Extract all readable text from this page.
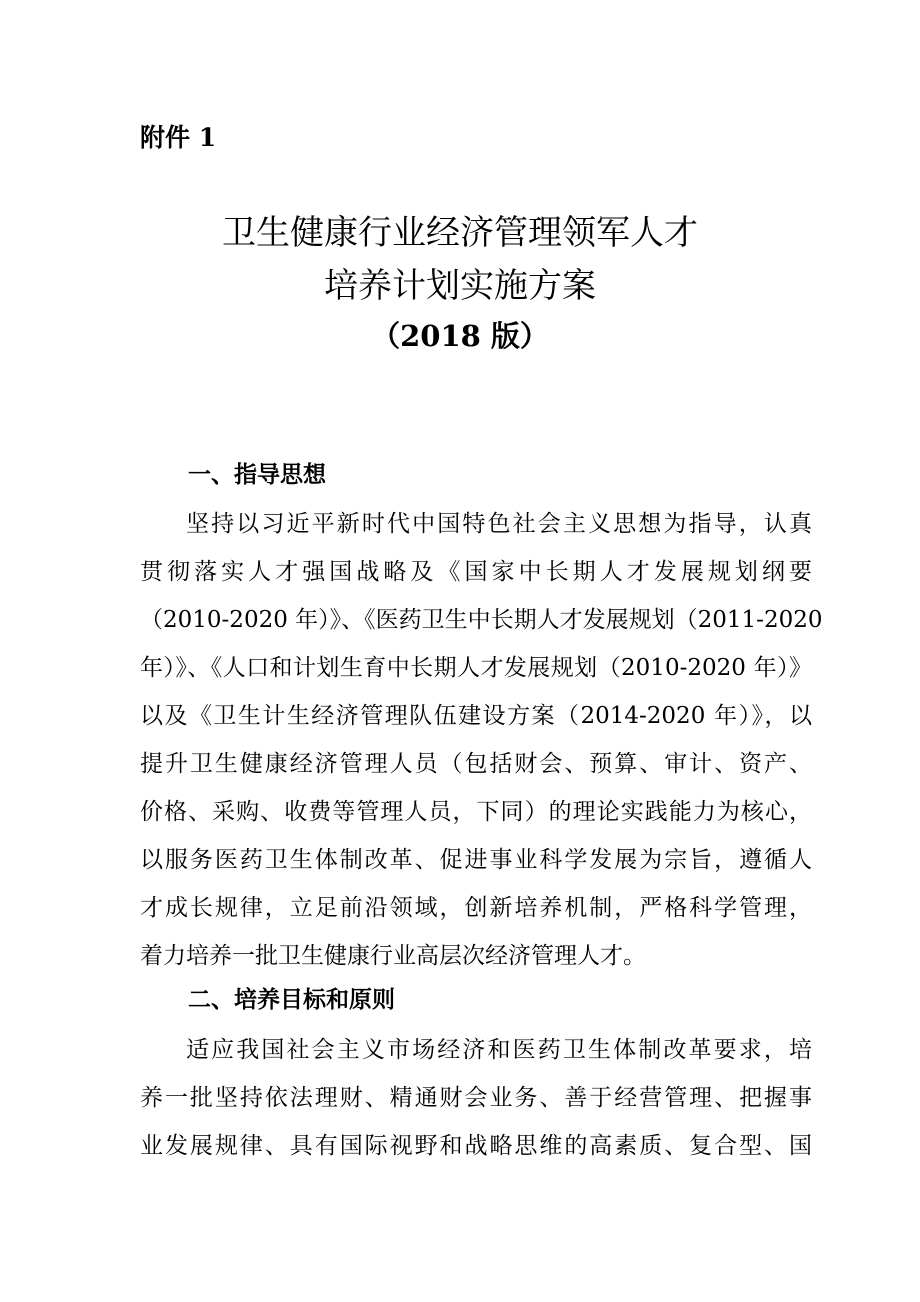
附件 1
卫生健康行业经济管理领军人才
培养计划实施方案
（2018 版）
一、指导思想
坚持以习近平新时代中国特色社会主义思想为指导，认真
贯彻落实人才强国战略及《国家中长期人才发展规划纲要
（2010-2020 年）》、《医药卫生中长期人才发展规划（2011-2020
年）》、《人口和计划生育中长期人才发展规划（2010-2020 年）》
以及《卫生计生经济管理队伍建设方案（2014-2020 年）》，以
提升卫生健康经济管理人员（包括财会、预算、审计、资产、
价格、采购、收费等管理人员，下同）的理论实践能力为核心，
以服务医药卫生体制改革、促进事业科学发展为宗旨，遵循人
才成长规律，立足前沿领域，创新培养机制，严格科学管理，
着力培养一批卫生健康行业高层次经济管理人才。
二、培养目标和原则
适应我国社会主义市场经济和医药卫生体制改革要求，培
养一批坚持依法理财、精通财会业务、善于经营管理、把握事
业发展规律、具有国际视野和战略思维的高素质、复合型、国
